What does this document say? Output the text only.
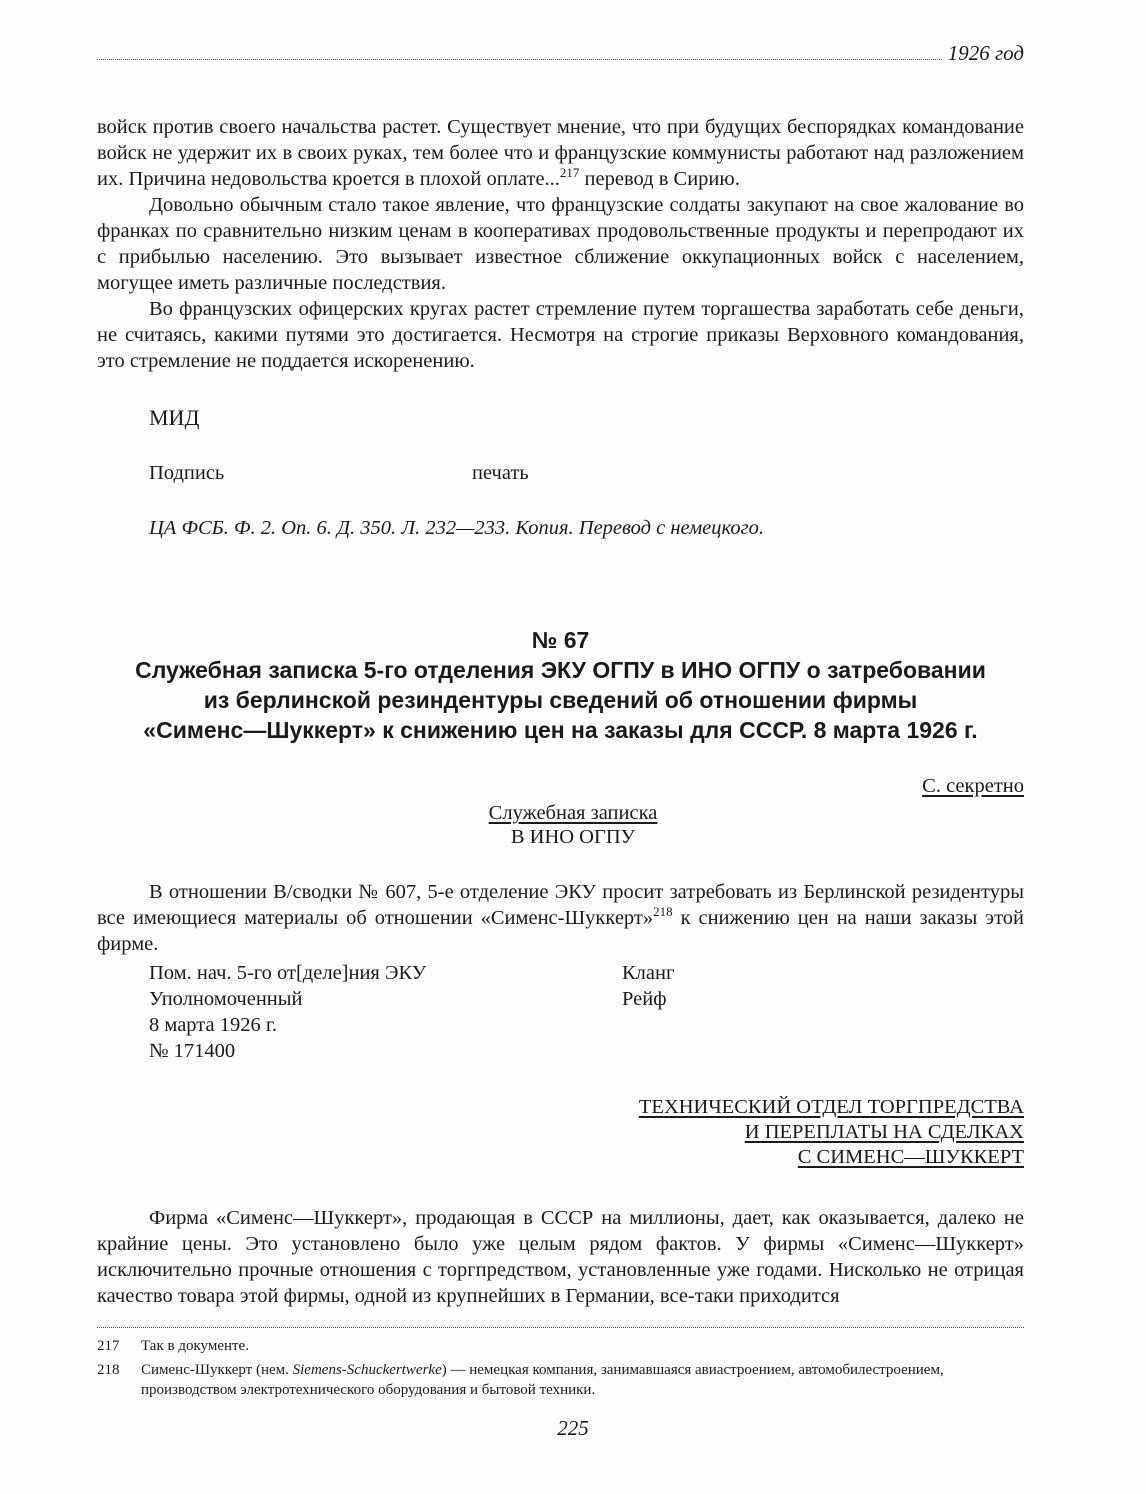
1926 год

войск против своего начальства растет. Существует мнение, что при будущих беспорядках командование войск не удержит их в своих руках, тем более что и французские коммунисты работают над разложением их. Причина недовольства кроется в плохой оплате...$^{217}$ перевод в Сирию.

Довольно обычным стало такое явление, что французские солдаты закупают на свое жалование во франках по сравнительно низким ценам в кооперативах продовольственные продукты и перепродают их с прибылью населению. Это вызывает известное сближение оккупационных войск с населением, могущее иметь различные последствия.

Во французских офицерских кругах растет стремление путем торгашества заработать себе деньги, не считаясь, какими путями это достигается. Несмотря на строгие приказы Верховного командования, это стремление не поддается искоренению.

МИД
Подпись	печать
ЦА ФСБ. Ф. 2. Оп. 6. Д. 350. Л. 232—233. Копия. Перевод с немецкого.
№ 67
Служебная записка 5-го отделения ЭКУ ОГПУ в ИНО ОГПУ о затребовании
из берлинской резиндентуры сведений об отношении фирмы
«Сименс—Шуккерт» к снижению цен на заказы для СССР. 8 марта 1926 г.
С. секретно
Служебная записка
В ИНО ОГПУ

В отношении В/сводки № 607, 5-е отделение ЭКУ просит затребовать из Берлинской резидентуры все имеющиеся материалы об отношении «Сименс-Шуккерт»$^{218}$ к снижению цен на наши заказы этой фирме.

Пом. нач. 5-го от[деле]ния ЭКУ	Кланг
Уполномоченный	Рейф
8 марта 1926 г.
№ 171400
ТЕХНИЧЕСКИЙ ОТДЕЛ ТОРГПРЕДСТВА
И ПЕРЕПЛАТЫ НА СДЕЛКАХ
С СИМЕНС—ШУККЕРТ

Фирма «Сименс—Шуккерт», продающая в СССР на миллионы, дает, как оказывается, далеко не крайние цены. Это установлено было уже целым рядом фактов. У фирмы «Сименс—Шуккерт» исключительно прочные отношения с торгпредством, установленные уже годами. Нисколько не отрицая качество товара этой фирмы, одной из крупнейших в Германии, все-таки приходится

217	Так в документе.
218	Сименс-Шуккерт (нем. Siemens-Schuckertwerke) — немецкая компания, занимавшаяся авиастроением, автомобилестроением, производством электротехнического оборудования и бытовой техники.
225
